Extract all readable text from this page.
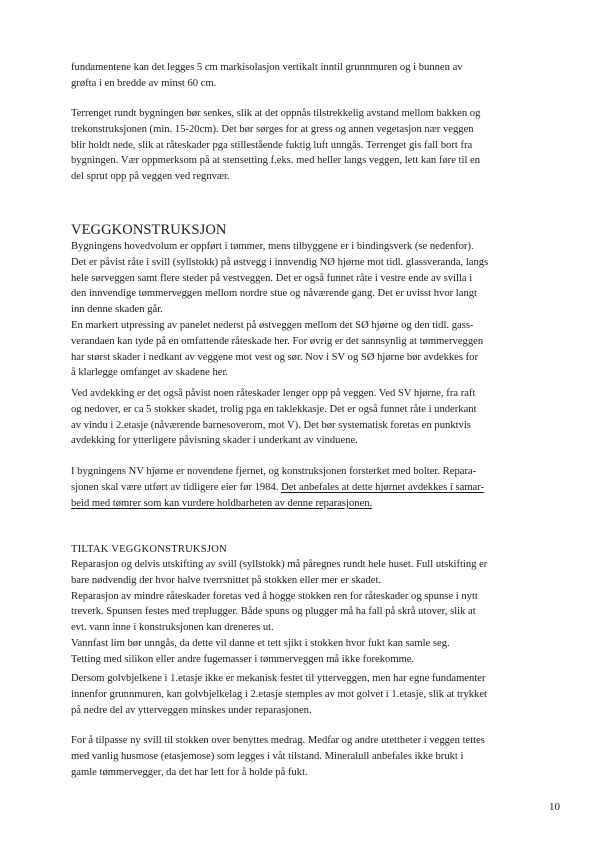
fundamentene kan det legges 5 cm markisolasjon vertikalt inntil grunnmuren og i bunnen av
grøfta i en bredde av minst 60 cm.
Terrenget rundt bygningen bør senkes, slik at det oppnås tilstrekkelig avstand mellom bakken og
trekonstruksjonen (min. 15-20cm). Det bør sørges for at gress og annen vegetasjon nær veggen
blir holdt nede, slik at råteskader pga stillestående fuktig luft unngås. Terrenget gis fall bort fra
bygningen. Vær oppmerksom på at stensetting f.eks. med heller langs veggen, lett kan føre til en
del sprut opp på veggen ved regnvær.
VEGGKONSTRUKSJON
Bygningens hovedvolum er oppført i tømmer, mens tilbyggene er i bindingsverk (se nedenfor).
Det er påvist råte i svill (syllstokk) på østvegg i innvendig NØ hjørne mot tidl. glassveranda, langs
hele sørveggen samt flere steder på vestveggen. Det er også funnet råte i vestre ende av svilla i
den innvendige tømmerveggen mellom nordre stue og nåværende gang. Det er uvisst hvor langt
inn denne skaden går.
En markert utpressing av panelet nederst på østveggen mellom det SØ hjørne og den tidl. gass-
verandaen kan tyde på en omfattende råteskade her. For øvrig er det sannsynlig at tømmerveggen
har størst skader i nedkant av veggene mot vest og sør. Nov i SV og SØ hjørne bør avdekkes for
å klarlegge omfanget av skadene her.
Ved avdekking er det også påvist noen råteskader lenger opp på veggen. Ved SV hjørne, fra raft
og nedover, er ca 5 stokker skadet, trolig pga en taklekkasje. Det er også funnet råte i underkant
av vindu i 2.etasje (nåværende barnesoverom, mot V). Det bør systematisk foretas en punktvis
avdekking for ytterligere påvisning skader i underkant av vinduene.
I bygningens NV hjørne er novendene fjernet, og konstruksjonen forsterket med bolter. Repara-
sjonen skal være utført av tidligere eier før 1984. Det anbefales at dette hjørnet avdekkes i samar-
beid med tømrer som kan vurdere holdbarheten av denne reparasjonen.
TILTAK VEGGKONSTRUKSJON
Reparasjon og delvis utskifting av svill (syllstokk) må påregnes rundt hele huset. Full utskifting er
bare nødvendig der hvor halve tverrsnittet på stokken eller mer er skadet.
Reparasjon av mindre råteskader foretas ved å hogge stokken ren for råteskader og spunse i nytt
treverk. Spunsen festes med treplugger. Både spuns og plugger må ha fall på skrå utover, slik at
evt. vann inne i konstruksjonen kan dreneres ut.
Vannfast lim bør unngås, da dette vil danne et tett sjikt i stokken hvor fukt kan samle seg.
Tetting med silikon eller andre fugemasser i tømmerveggen må ikke forekomme.
Dersom golvbjelkene i 1.etasje ikke er mekanisk festet til ytterveggen, men har egne fundamenter
innenfor grunnmuren, kan golvbjelkelag i 2.etasje stemples av mot golvet i 1.etasje, slik at trykket
på nedre del av ytterveggen minskes under reparasjonen.
For å tilpasse ny svill til stokken over benyttes medrag. Medfar og andre utettheter i veggen tettes
med vanlig husmose (etasjemose) som legges i våt tilstand. Mineralull anbefales ikke brukt i
gamle tømmervegger, da det har lett for å holde på fukt.
10
